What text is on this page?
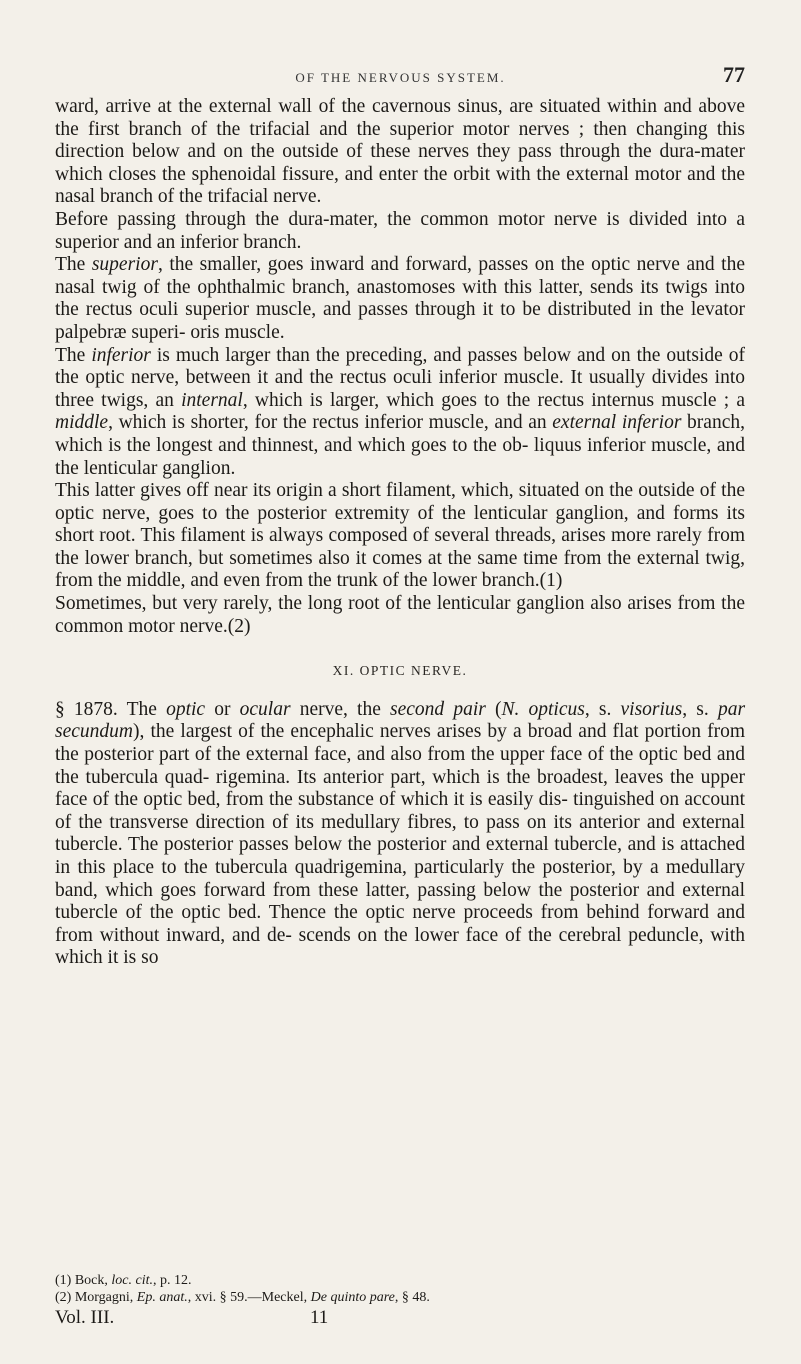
OF THE NERVOUS SYSTEM.	77

ward, arrive at the external wall of the cavernous sinus, are situated within and above the first branch of the trifacial and the superior motor nerves ; then changing this direction below and on the outside of these nerves they pass through the dura-mater which closes the sphenoidal fissure, and enter the orbit with the external motor and the nasal branch of the trifacial nerve.

Before passing through the dura-mater, the common motor nerve is divided into a superior and an inferior branch.

The superior, the smaller, goes inward and forward, passes on the optic nerve and the nasal twig of the ophthalmic branch, anastomoses with this latter, sends its twigs into the rectus oculi superior muscle, and passes through it to be distributed in the levator palpebræ superi- oris muscle.

The inferior is much larger than the preceding, and passes below and on the outside of the optic nerve, between it and the rectus oculi inferior muscle. It usually divides into three twigs, an internal, which is larger, which goes to the rectus internus muscle ; a middle, which is shorter, for the rectus inferior muscle, and an external inferior branch, which is the longest and thinnest, and which goes to the ob- liquus inferior muscle, and the lenticular ganglion.

This latter gives off near its origin a short filament, which, situated on the outside of the optic nerve, goes to the posterior extremity of the lenticular ganglion, and forms its short root. This filament is always composed of several threads, arises more rarely from the lower branch, but sometimes also it comes at the same time from the external twig, from the middle, and even from the trunk of the lower branch.(1)

Sometimes, but very rarely, the long root of the lenticular ganglion also arises from the common motor nerve.(2)

XI. OPTIC NERVE.

§ 1878. The optic or ocular nerve, the second pair (N. opticus, s. visorius, s. par secundum), the largest of the encephalic nerves arises by a broad and flat portion from the posterior part of the external face, and also from the upper face of the optic bed and the tubercula quad- rigemina. Its anterior part, which is the broadest, leaves the upper face of the optic bed, from the substance of which it is easily dis- tinguished on account of the transverse direction of its medullary fibres, to pass on its anterior and external tubercle. The posterior passes below the posterior and external tubercle, and is attached in this place to the tubercula quadrigemina, particularly the posterior, by a medullary band, which goes forward from these latter, passing below the posterior and external tubercle of the optic bed. Thence the optic nerve proceeds from behind forward and from without inward, and de- scends on the lower face of the cerebral peduncle, with which it is so

(1) Bock, loc. cit., p. 12.

(2) Morgagni, Ep. anat., xvi. § 59.—Meckel, De quinto pare, § 48.

Vol. III.	11
